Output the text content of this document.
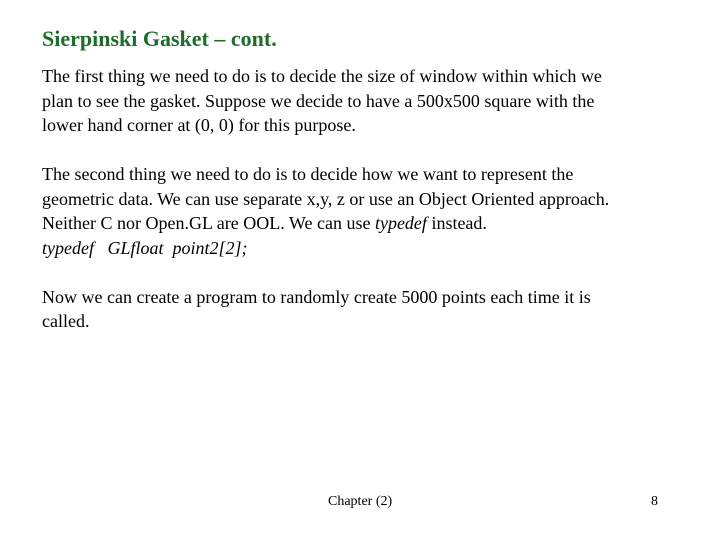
Sierpinski Gasket – cont.

The first thing we need to do is to decide the size of window within which we
plan to see the gasket. Suppose we decide to have a 500x500 square with the
lower hand corner at (0, 0) for this purpose.

The second thing we need to do is to decide how we want to represent the
geometric data. We can use separate x,y, z or use an Object Oriented approach.
Neither C nor Open.GL are OOL. We can use typedef instead.
typedef   GLfloat  point2[2];

Now we can create a program to randomly create 5000 points each time it is
called.

Chapter (2)	8
